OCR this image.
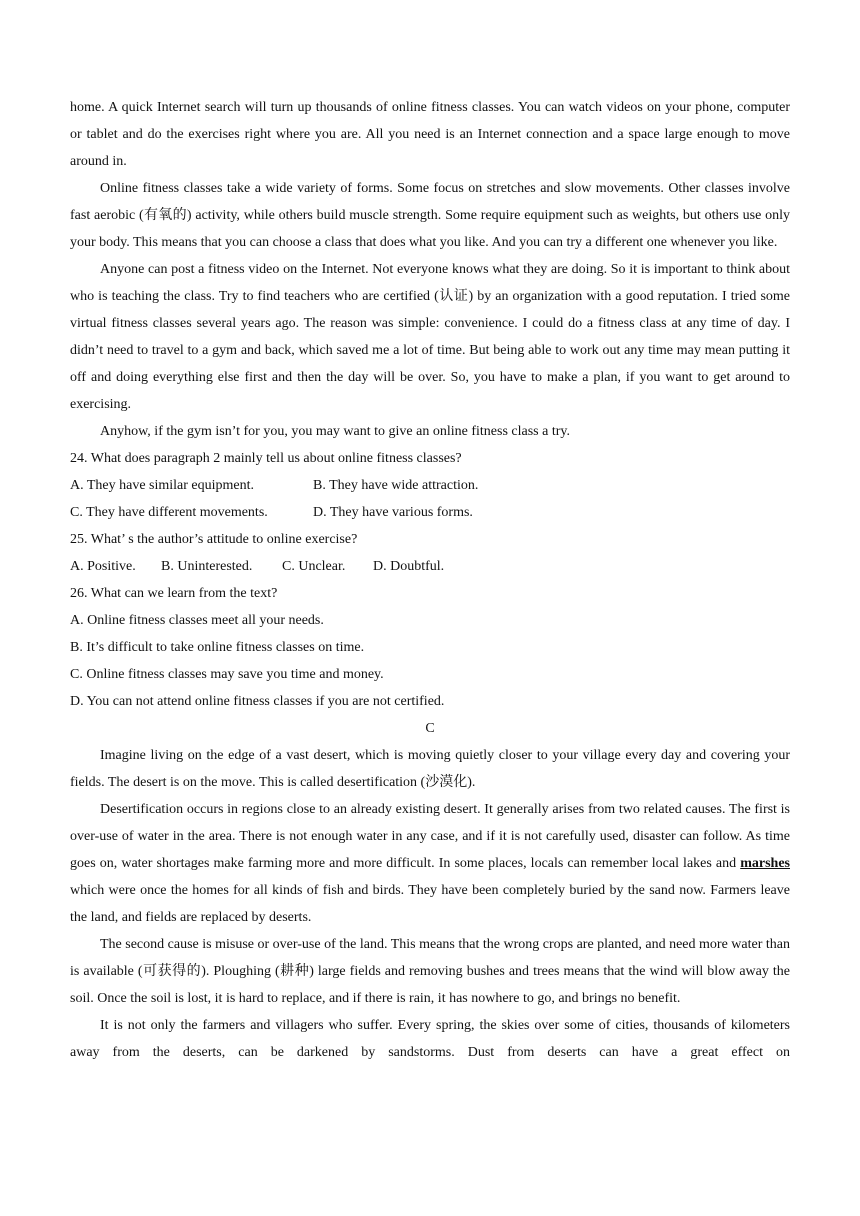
home. A quick Internet search will turn up thousands of online fitness classes. You can watch videos on your phone, computer or tablet and do the exercises right where you are. All you need is an Internet connection and a space large enough to move around in.

Online fitness classes take a wide variety of forms. Some focus on stretches and slow movements. Other classes involve fast aerobic (有氧的) activity, while others build muscle strength. Some require equipment such as weights, but others use only your body. This means that you can choose a class that does what you like. And you can try a different one whenever you like.

Anyone can post a fitness video on the Internet. Not everyone knows what they are doing. So it is important to think about who is teaching the class. Try to find teachers who are certified (认证) by an organization with a good reputation. I tried some virtual fitness classes several years ago. The reason was simple: convenience. I could do a fitness class at any time of day. I didn’t need to travel to a gym and back, which saved me a lot of time. But being able to work out any time may mean putting it off and doing everything else first and then the day will be over. So, you have to make a plan, if you want to get around to exercising.

Anyhow, if the gym isn’t for you, you may want to give an online fitness class a try.

24. What does paragraph 2 mainly tell us about online fitness classes?

A. They have similar equipment.	B. They have wide attraction.

C. They have different movements.	D. They have various forms.

25. What’ s the author’s attitude to online exercise?

A. Positive. B. Uninterested. C. Unclear. D. Doubtful.

26. What can we learn from the text?

A. Online fitness classes meet all your needs.

B. It’s difficult to take online fitness classes on time.

C. Online fitness classes may save you time and money.

D. You can not attend online fitness classes if you are not certified.

C

Imagine living on the edge of a vast desert, which is moving quietly closer to your village every day and covering your fields. The desert is on the move. This is called desertification (沙漠化).

Desertification occurs in regions close to an already existing desert. It generally arises from two related causes. The first is over-use of water in the area. There is not enough water in any case, and if it is not carefully used, disaster can follow. As time goes on, water shortages make farming more and more difficult. In some places, locals can remember local lakes and marshes which were once the homes for all kinds of fish and birds. They have been completely buried by the sand now. Farmers leave the land, and fields are replaced by deserts.

The second cause is misuse or over-use of the land. This means that the wrong crops are planted, and need more water than is available (可获得的). Ploughing (耕种) large fields and removing bushes and trees means that the wind will blow away the soil. Once the soil is lost, it is hard to replace, and if there is rain, it has nowhere to go, and brings no benefit.

It is not only the farmers and villagers who suffer. Every spring, the skies over some of cities, thousands of kilometers away from the deserts, can be darkened by sandstorms. Dust from deserts can have a great effect on
